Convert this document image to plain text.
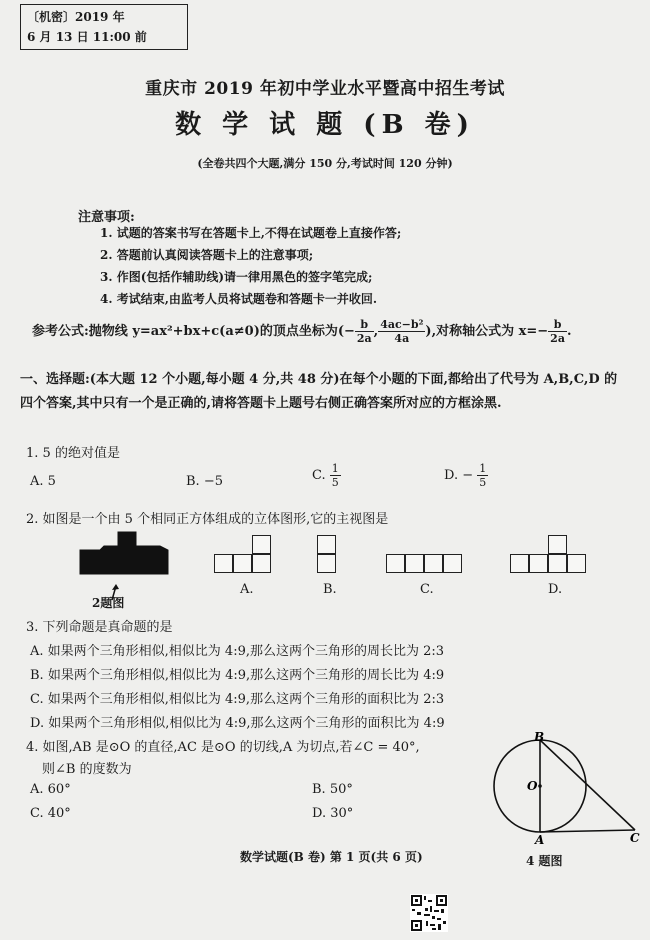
〔机密〕2019 年
6 月 13 日 11:00 前
重庆市 2019 年初中学业水平暨高中招生考试
数 学 试 题 (B 卷)
(全卷共四个大题,满分 150 分,考试时间 120 分钟)
注意事项:
1. 试题的答案书写在答题卡上,不得在试题卷上直接作答;
2. 答题前认真阅读答题卡上的注意事项;
3. 作图(包括作辅助线)请一律用黑色的签字笔完成;
4. 考试结束,由监考人员将试题卷和答题卡一并收回.
参考公式:抛物线 y=ax²+bx+c(a≠0)的顶点坐标为(− $\frac{b}{2a}$ , $\frac{\text{4ac−b²}}{4a}$ ),对称轴公式为 $x=- \frac{b}{2a}$ .
一、选择题:(本大题 12 个小题,每小题 4 分,共 48 分)在每个小题的下面,都给出了代号为 A,B,C,D 的四个答案,其中只有一个是正确的,请将答题卡上题号右侧正确答案所对应的方框涂黑.
1. 5 的绝对值是
A. 5	B. −5	C. $\frac{1}{5}$	D. − $\frac{1}{5}$
2. 如图是一个由 5 个相同正方体组成的立体图形,它的主视图是
2题图
A.	B.	C.	D.
3. 下列命题是真命题的是
A. 如果两个三角形相似,相似比为 4:9,那么这两个三角形的周长比为 2:3
B. 如果两个三角形相似,相似比为 4:9,那么这两个三角形的周长比为 4:9
C. 如果两个三角形相似,相似比为 4:9,那么这两个三角形的面积比为 2:3
D. 如果两个三角形相似,相似比为 4:9,那么这两个三角形的面积比为 4:9
4. 如图,AB 是⊙O 的直径,AC 是⊙O 的切线,A 为切点,若∠C = 40°,
则∠B 的度数为
A. 60°	B. 50°
C. 40°	D. 30°
B
O
A	C
4 题图
数学试题(B 卷) 第 1 页(共 6 页)
